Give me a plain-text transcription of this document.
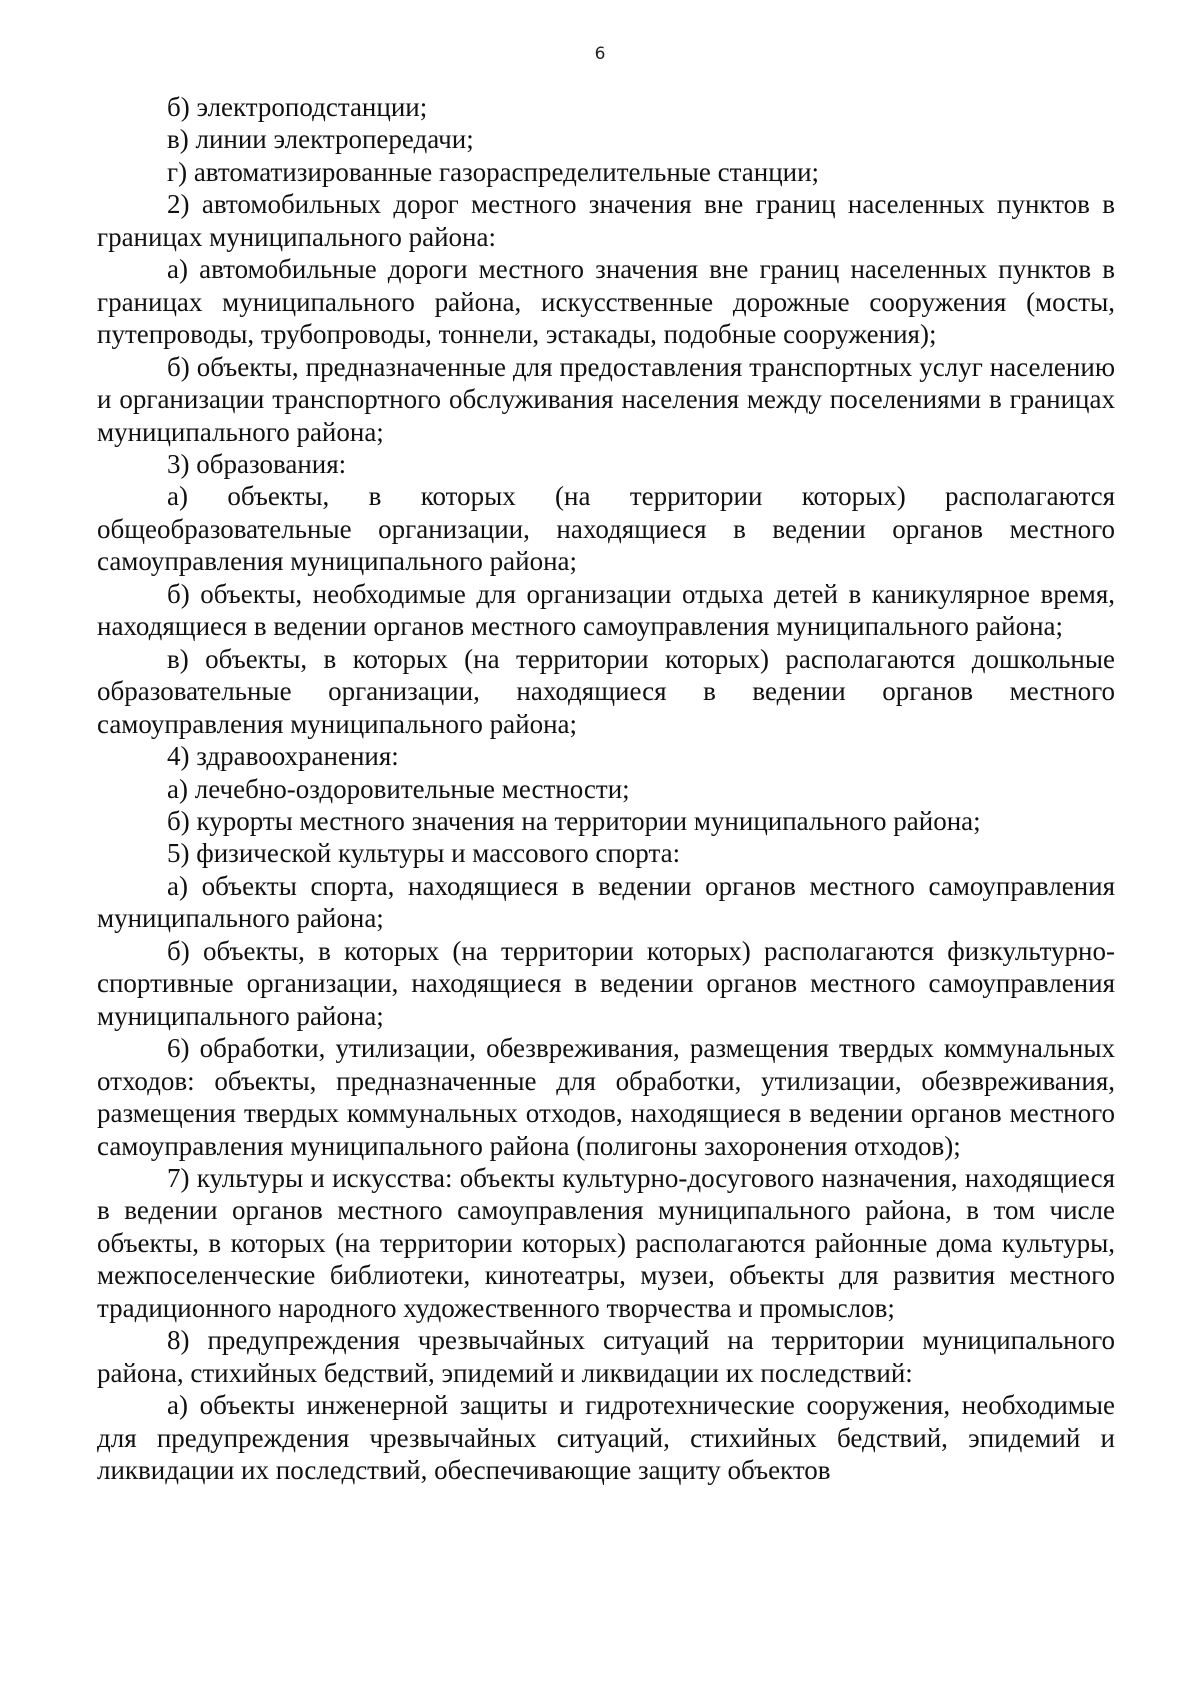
6

б) электроподстанции;

в) линии электропередачи;

г) автоматизированные газораспределительные станции;

2) автомобильных дорог местного значения вне границ населенных пунктов в границах муниципального района:

а) автомобильные дороги местного значения вне границ населенных пунктов в границах муниципального района, искусственные дорожные сооружения (мосты, путепроводы, трубопроводы, тоннели, эстакады, подобные сооружения);

б) объекты, предназначенные для предоставления транспортных услуг населению и организации транспортного обслуживания населения между поселениями в границах муниципального района;

3) образования:

а) объекты, в которых (на территории которых) располагаются общеобразовательные организации, находящиеся в ведении органов местного самоуправления муниципального района;

б) объекты, необходимые для организации отдыха детей в каникулярное время, находящиеся в ведении органов местного самоуправления муниципального района;

в) объекты, в которых (на территории которых) располагаются дошкольные образовательные организации, находящиеся в ведении органов местного самоуправления муниципального района;

4) здравоохранения:

а) лечебно-оздоровительные местности;

б) курорты местного значения на территории муниципального района;

5) физической культуры и массового спорта:

а) объекты спорта, находящиеся в ведении органов местного самоуправления муниципального района;

б) объекты, в которых (на территории которых) располагаются физкультурно-спортивные организации, находящиеся в ведении органов местного самоуправления муниципального района;

6) обработки, утилизации, обезвреживания, размещения твердых коммунальных отходов: объекты, предназначенные для обработки, утилизации, обезвреживания, размещения твердых коммунальных отходов, находящиеся в ведении органов местного самоуправления муниципального района (полигоны захоронения отходов);

7) культуры и искусства: объекты культурно-досугового назначения, находящиеся в ведении органов местного самоуправления муниципального района, в том числе объекты, в которых (на территории которых) располагаются районные дома культуры, межпоселенческие библиотеки, кинотеатры, музеи, объекты для развития местного традиционного народного художественного творчества и промыслов;

8) предупреждения чрезвычайных ситуаций на территории муниципального района, стихийных бедствий, эпидемий и ликвидации их последствий:

а) объекты инженерной защиты и гидротехнические сооружения, необходимые для предупреждения чрезвычайных ситуаций, стихийных бедствий, эпидемий и ликвидации их последствий, обеспечивающие защиту объектов
